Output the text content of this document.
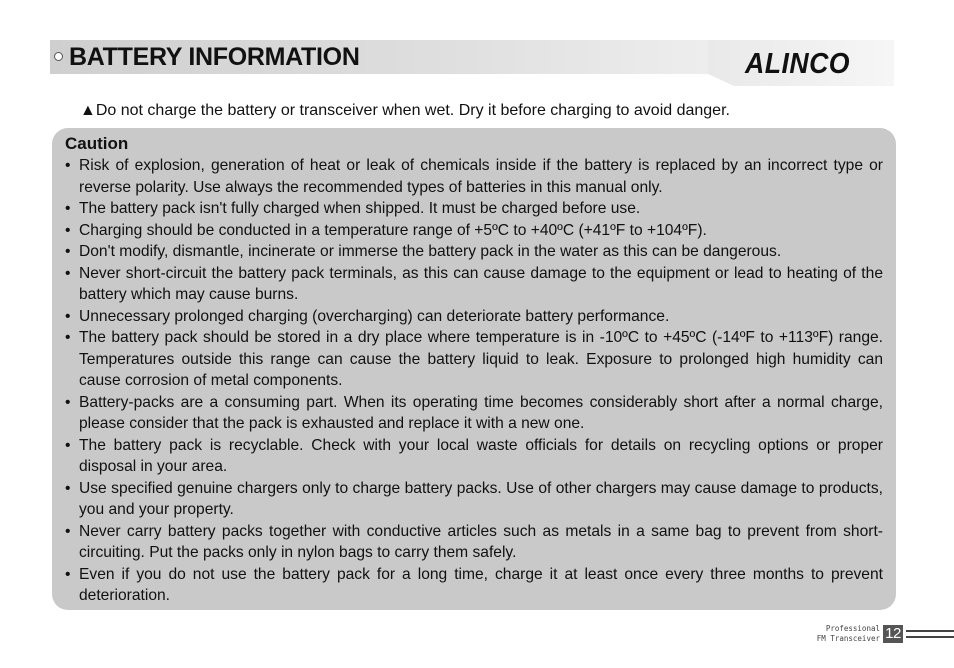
BATTERY INFORMATION	ALINCO
▲Do not charge the battery or transceiver when wet. Dry it before charging to avoid danger.
Caution
• Risk of explosion, generation of heat or leak of chemicals inside if the battery is replaced by an incorrect type or reverse polarity. Use always the recommended types of batteries in this manual only.
• The battery pack isn't fully charged when shipped. It must be charged before use.
• Charging should be conducted in a temperature range of +5ºC to +40ºC (+41ºF to +104ºF).
• Don't modify, dismantle, incinerate or immerse the battery pack in the water as this can be dangerous.
• Never short-circuit the battery pack terminals, as this can cause damage to the equipment or lead to heating of the battery which may cause burns.
• Unnecessary prolonged charging (overcharging) can deteriorate battery performance.
• The battery pack should be stored in a dry place where temperature is in -10ºC to +45ºC (-14ºF to +113ºF) range. Temperatures outside this range can cause the battery liquid to leak. Exposure to prolonged high humidity can cause corrosion of metal components.
• Battery-packs are a consuming part. When its operating time becomes considerably short after a normal charge, please consider that the pack is exhausted and replace it with a new one.
• The battery pack is recyclable. Check with your local waste officials for details on recycling options or proper disposal in your area.
• Use specified genuine chargers only to charge battery packs. Use of other chargers may cause damage to products, you and your property.
• Never carry battery packs together with conductive articles such as metals in a same bag to prevent from short-circuiting. Put the packs only in nylon bags to carry them safely.
• Even if you do not use the battery pack for a long time, charge it at least once every three months to prevent deterioration.
Professional
FM Transceiver 12
